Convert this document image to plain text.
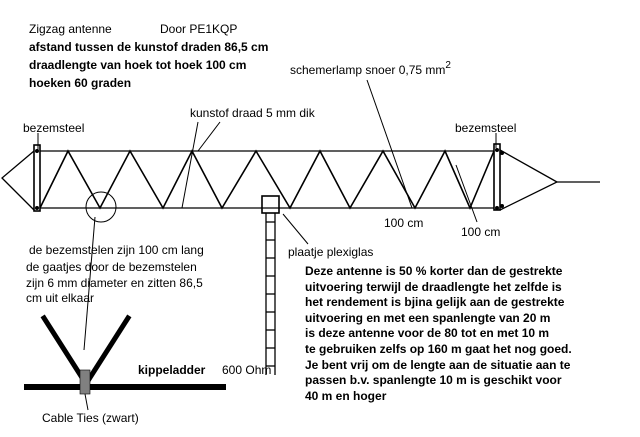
Zigzag antenne	Door PE1KQP
afstand tussen de kunstof draden 86,5 cm
draadlengte van hoek tot hoek 100 cm
hoeken 60 graden
schemerlamp snoer 0,75 $mm^2$
kunstof draad 5 mm dik
bezemsteel	bezemsteel
100 cm
100 cm
plaatje plexiglas
de bezemstelen zijn 100 cm lang
de gaatjes door de bezemstelen
zijn 6 mm diameter en zitten 86,5
cm uit elkaar
Deze antenne is 50 % korter dan de gestrekte
uitvoering terwijl de draadlengte het zelfde is
het rendement is bjina gelijk aan de gestrekte
uitvoering en met een spanlengte van 20 m
is deze antenne voor de 80 tot en met 10 m
te gebruiken zelfs op 160 m gaat het nog goed.
Je bent vrij om de lengte aan de situatie aan te
passen b.v. spanlengte 10 m is geschikt voor
40 m en hoger
kippeladder 600 Ohm
Cable Ties (zwart)
